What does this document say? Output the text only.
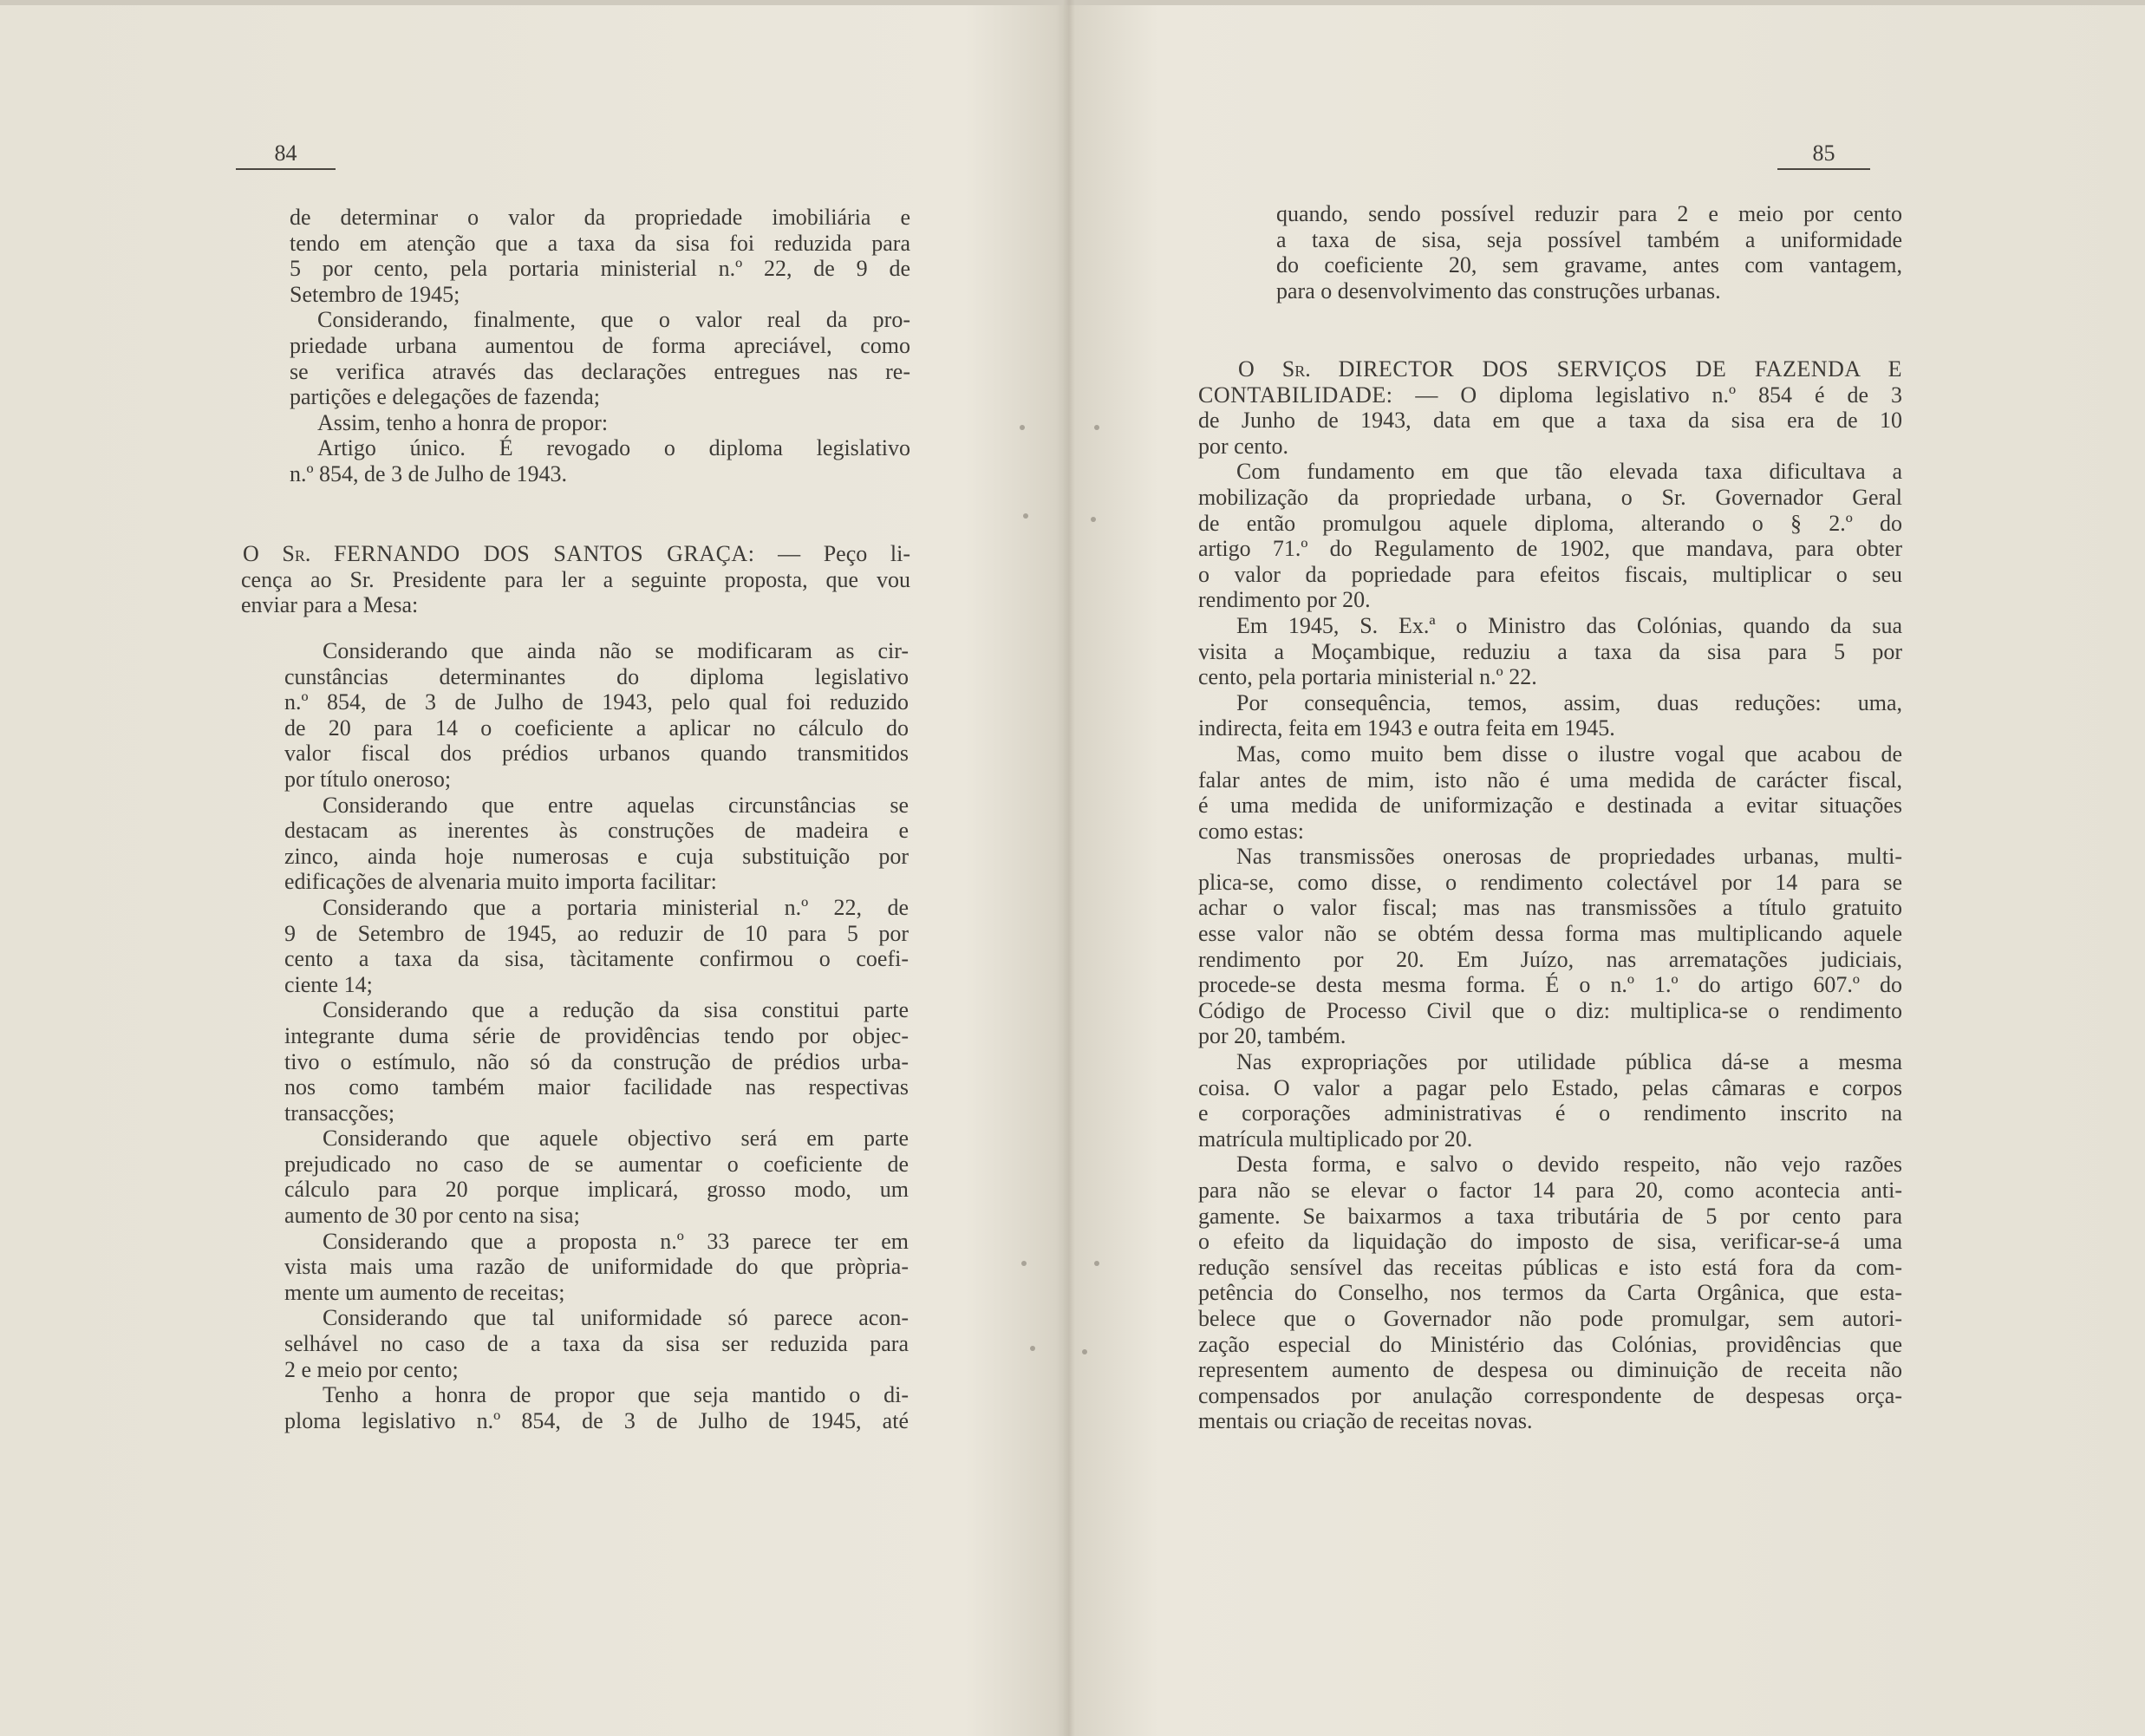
84
de determinar o valor da propriedade imobiliária e
tendo em atenção que a taxa da sisa foi reduzida para
5 por cento, pela portaria ministerial n.º 22, de 9 de
Setembro de 1945;
Considerando, finalmente, que o valor real da pro-
priedade urbana aumentou de forma apreciável, como
se verifica através das declarações entregues nas re-
partições e delegações de fazenda;
Assim, tenho a honra de propor:
Artigo único. É revogado o diploma legislativo
n.º 854, de 3 de Julho de 1943.
O Sr. FERNANDO DOS SANTOS GRAÇA: — Peço li-
cença ao Sr. Presidente para ler a seguinte proposta, que vou
enviar para a Mesa:
Considerando que ainda não se modificaram as cir-
cunstâncias determinantes do diploma legislativo
n.º 854, de 3 de Julho de 1943, pelo qual foi reduzido
de 20 para 14 o coeficiente a aplicar no cálculo do
valor fiscal dos prédios urbanos quando transmitidos
por título oneroso;
Considerando que entre aquelas circunstâncias se
destacam as inerentes às construções de madeira e
zinco, ainda hoje numerosas e cuja substituição por
edificações de alvenaria muito importa facilitar:
Considerando que a portaria ministerial n.º 22, de
9 de Setembro de 1945, ao reduzir de 10 para 5 por
cento a taxa da sisa, tàcitamente confirmou o coefi-
ciente 14;
Considerando que a redução da sisa constitui parte
integrante duma série de providências tendo por objec-
tivo o estímulo, não só da construção de prédios urba-
nos como também maior facilidade nas respectivas
transacções;
Considerando que aquele objectivo será em parte
prejudicado no caso de se aumentar o coeficiente de
cálculo para 20 porque implicará, grosso modo, um
aumento de 30 por cento na sisa;
Considerando que a proposta n.º 33 parece ter em
vista mais uma razão de uniformidade do que pròpria-
mente um aumento de receitas;
Considerando que tal uniformidade só parece acon-
selhável no caso de a taxa da sisa ser reduzida para
2 e meio por cento;
Tenho a honra de propor que seja mantido o di-
ploma legislativo n.º 854, de 3 de Julho de 1945, até
85
quando, sendo possível reduzir para 2 e meio por cento
a taxa de sisa, seja possível também a uniformidade
do coeficiente 20, sem gravame, antes com vantagem,
para o desenvolvimento das construções urbanas.
O Sr. DIRECTOR DOS SERVIÇOS DE FAZENDA E
CONTABILIDADE: — O diploma legislativo n.º 854 é de 3
de Junho de 1943, data em que a taxa da sisa era de 10
por cento.
Com fundamento em que tão elevada taxa dificultava a
mobilização da propriedade urbana, o Sr. Governador Geral
de então promulgou aquele diploma, alterando o § 2.º do
artigo 71.º do Regulamento de 1902, que mandava, para obter
o valor da popriedade para efeitos fiscais, multiplicar o seu
rendimento por 20.
Em 1945, S. Ex.ª o Ministro das Colónias, quando da sua
visita a Moçambique, reduziu a taxa da sisa para 5 por
cento, pela portaria ministerial n.º 22.
Por consequência, temos, assim, duas reduções: uma,
indirecta, feita em 1943 e outra feita em 1945.
Mas, como muito bem disse o ilustre vogal que acabou de
falar antes de mim, isto não é uma medida de carácter fiscal,
é uma medida de uniformização e destinada a evitar situações
como estas:
Nas transmissões onerosas de propriedades urbanas, multi-
plica-se, como disse, o rendimento colectável por 14 para se
achar o valor fiscal; mas nas transmissões a título gratuito
esse valor não se obtém dessa forma mas multiplicando aquele
rendimento por 20. Em Juízo, nas arrematações judiciais,
procede-se desta mesma forma. É o n.º 1.º do artigo 607.º do
Código de Processo Civil que o diz: multiplica-se o rendimento
por 20, também.
Nas expropriações por utilidade pública dá-se a mesma
coisa. O valor a pagar pelo Estado, pelas câmaras e corpos
e corporações administrativas é o rendimento inscrito na
matrícula multiplicado por 20.
Desta forma, e salvo o devido respeito, não vejo razões
para não se elevar o factor 14 para 20, como acontecia anti-
gamente. Se baixarmos a taxa tributária de 5 por cento para
o efeito da liquidação do imposto de sisa, verificar-se-á uma
redução sensível das receitas públicas e isto está fora da com-
petência do Conselho, nos termos da Carta Orgânica, que esta-
belece que o Governador não pode promulgar, sem autori-
zação especial do Ministério das Colónias, providências que
representem aumento de despesa ou diminuição de receita não
compensados por anulação correspondente de despesas orça-
mentais ou criação de receitas novas.
